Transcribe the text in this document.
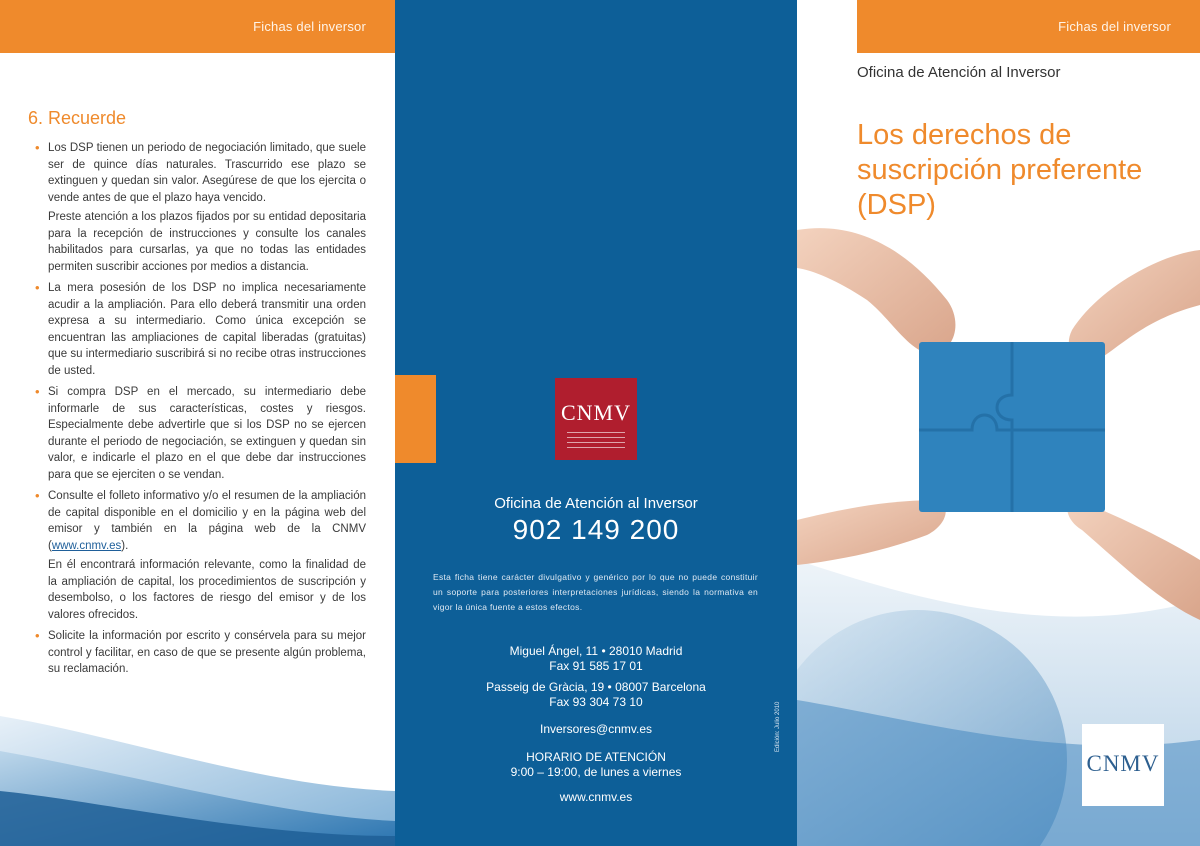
Fichas del inversor
6. Recuerde

• Los DSP tienen un periodo de negociación limitado, que suele ser de quince días naturales. Trascurrido ese plazo se extinguen y quedan sin valor. Asegúrese de que los ejercita o vende antes de que el plazo haya vencido.

Preste atención a los plazos fijados por su entidad depositaria para la recepción de instrucciones y consulte los canales habilitados para cursarlas, ya que no todas las entidades permiten suscribir acciones por medios a distancia.

• La mera posesión de los DSP no implica necesariamente acudir a la ampliación. Para ello deberá transmitir una orden expresa a su intermediario. Como única excepción se encuentran las ampliaciones de capital liberadas (gratuitas) que su intermediario suscribirá si no recibe otras instrucciones de usted.

• Si compra DSP en el mercado, su intermediario debe informarle de sus características, costes y riesgos. Especialmente debe advertirle que si los DSP no se ejercen durante el periodo de negociación, se extinguen y quedan sin valor, e indicarle el plazo en el que debe dar instrucciones para que se ejerciten o se vendan.

• Consulte el folleto informativo y/o el resumen de la ampliación de capital disponible en el domicilio y en la página web del emisor y también en la página web de la CNMV (www.cnmv.es).

En él encontrará información relevante, como la finalidad de la ampliación de capital, los procedimientos de suscripción y desembolso, o los factores de riesgo del emisor y de los valores ofrecidos.

• Solicite la información por escrito y consérvela para su mejor control y facilitar, en caso de que se presente algún problema, su reclamación.

CNMV
Oficina de Atención al Inversor
902 149 200
Esta ficha tiene carácter divulgativo y genérico por lo que no puede constituir un soporte para posteriores interpretaciones jurídicas, siendo la normativa en vigor la única fuente a estos efectos.
Miguel Ángel, 11 • 28010 Madrid
Fax 91 585 17 01
Passeig de Gràcia, 19 • 08007 Barcelona
Fax 93 304 73 10
Inversores@cnmv.es
HORARIO DE ATENCIÓN
9:00 – 19:00, de lunes a viernes
www.cnmv.es
Edición: Julio 2010
Fichas del inversor
Oficina de Atención al Inversor
Los derechos de suscripción preferente (DSP)
CNMV
